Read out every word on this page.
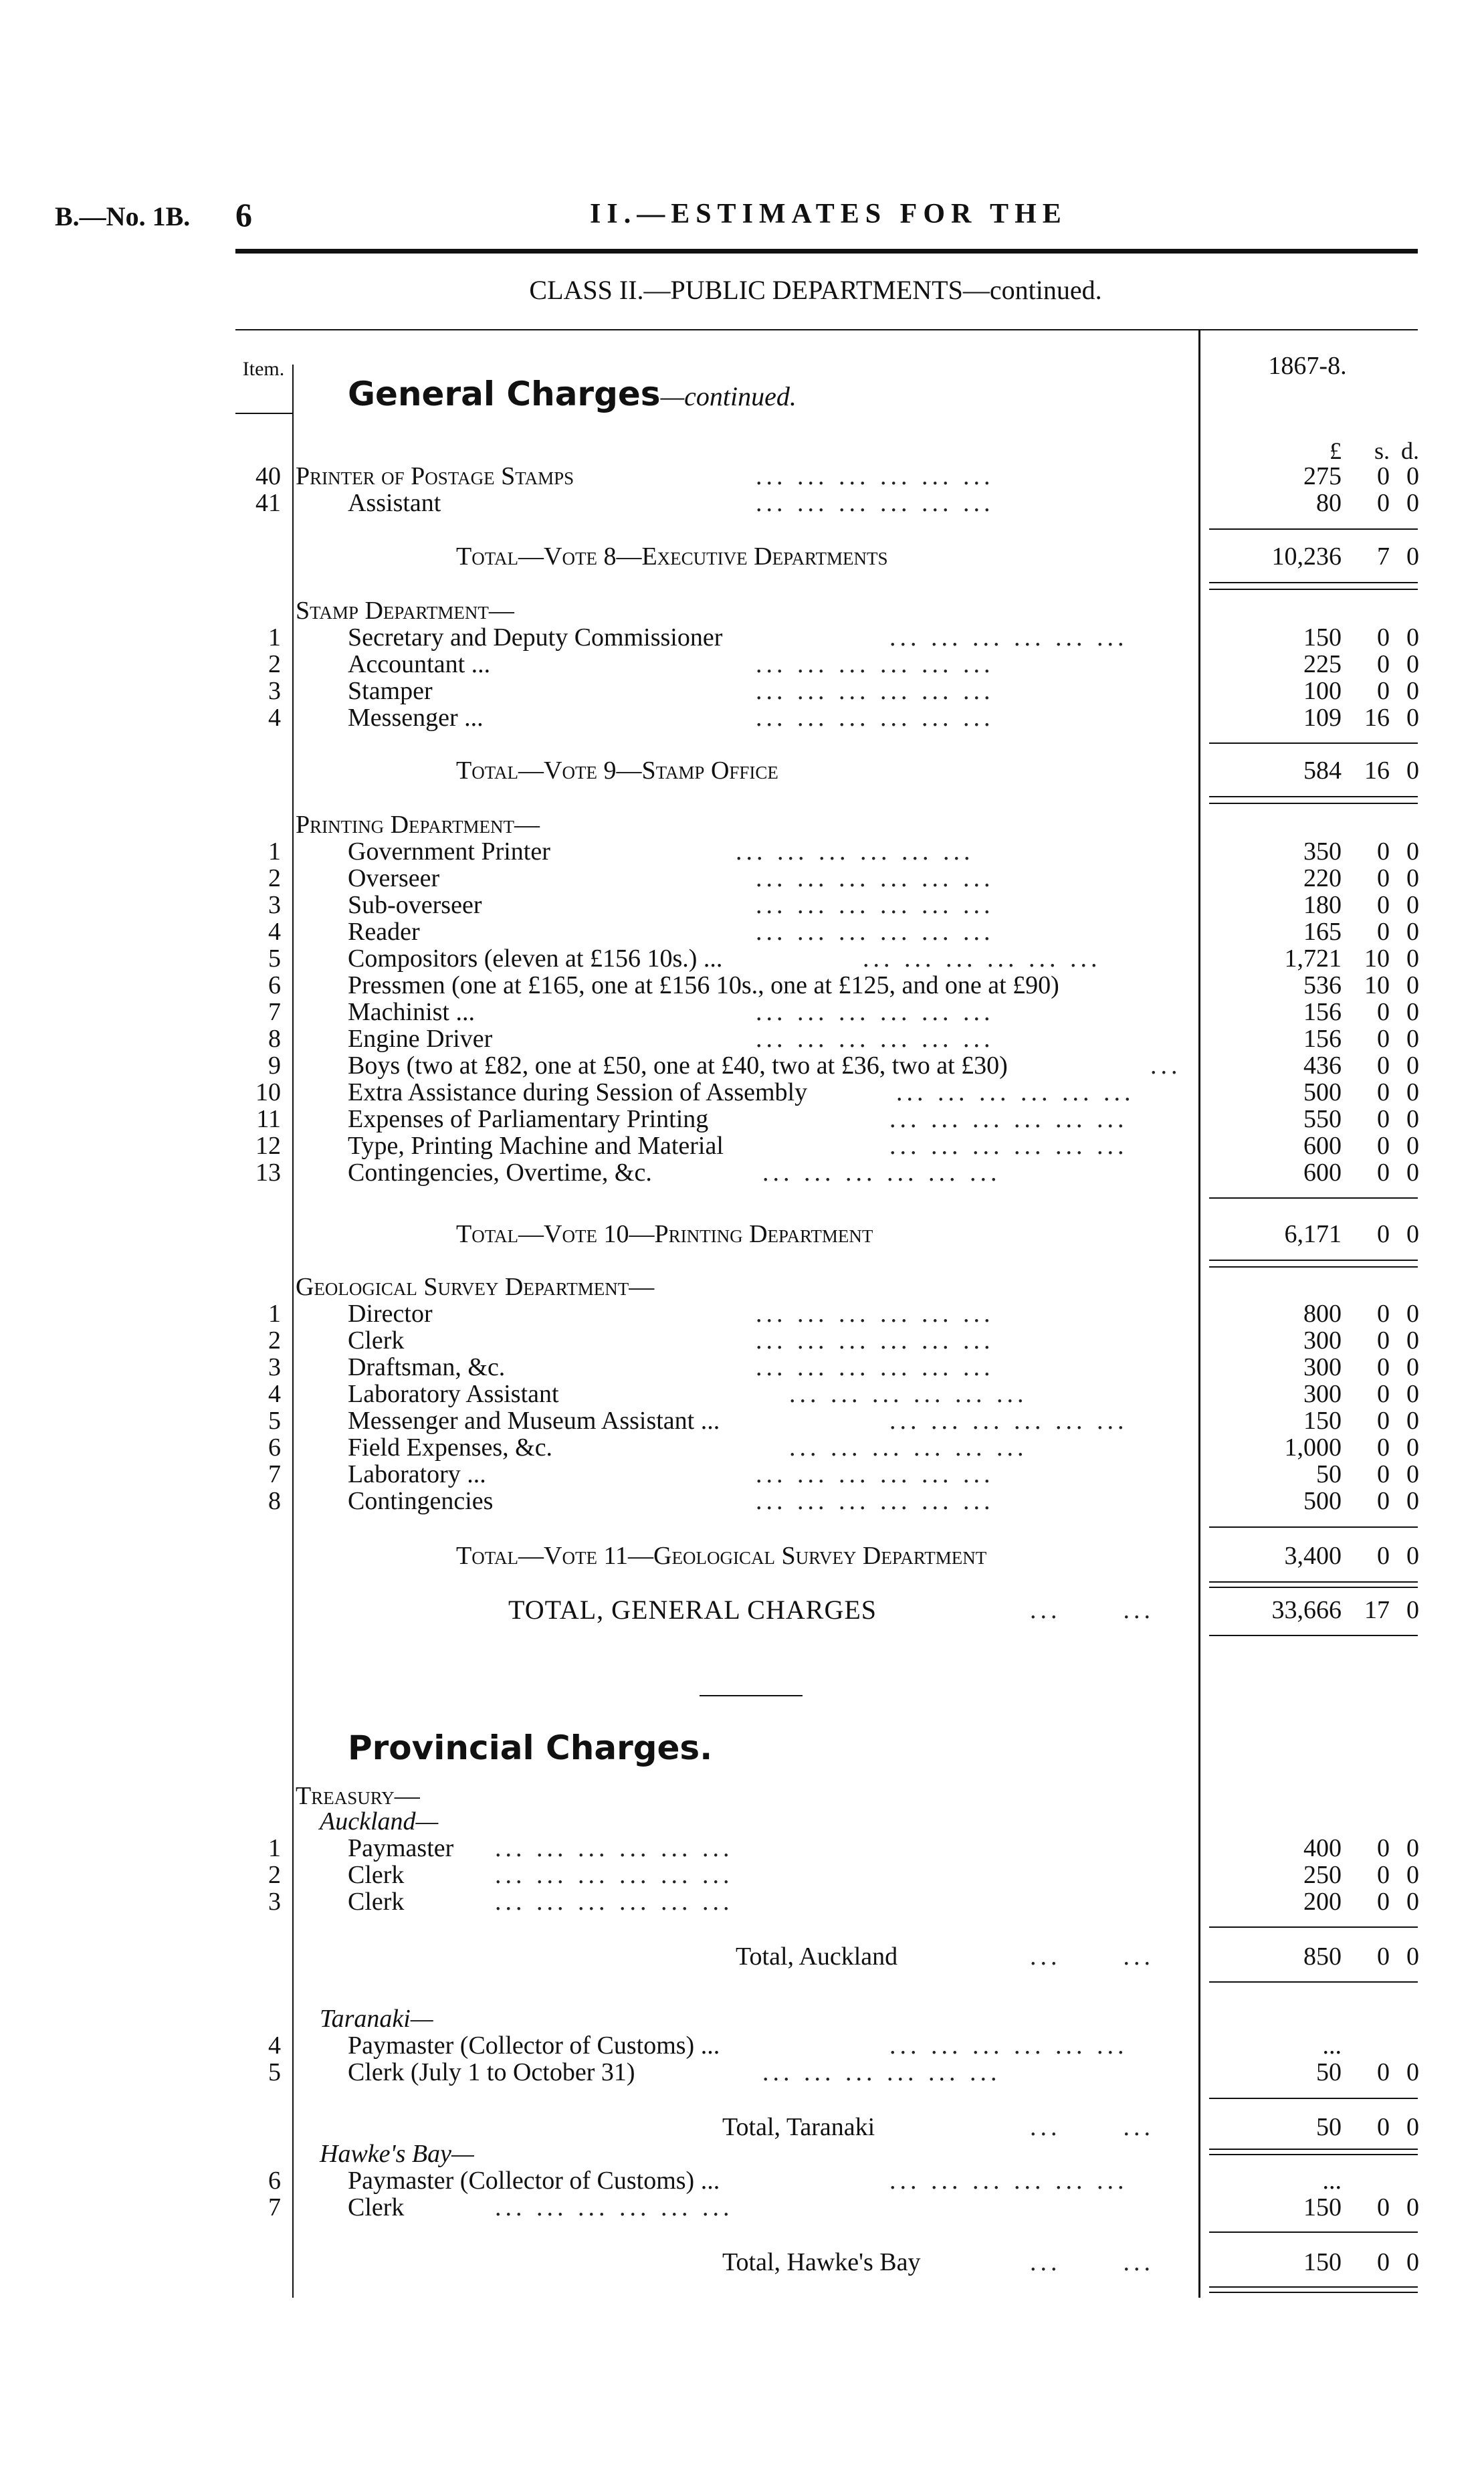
B.—No. 1B. 6	II.—ESTIMATES FOR THE
CLASS II.—PUBLIC DEPARTMENTS—continued.
Item.	1867-8.
General Charges—continued.
£	s. d.
40 Printer of Postage Stamps	... ... ... ... ... ...	275	0 0
41	Assistant	... ... ... ... ... ...	80	0 0
Total—Vote 8—Executive Departments	10,236	7 0
Stamp Department—
1	Secretary and Deputy Commissioner	... ... ... ... ... ...	150	0 0
2	Accountant ...	... ... ... ... ... ...	225	0 0
3	Stamper	... ... ... ... ... ...	100	0 0
4	Messenger ...	... ... ... ... ... ...	109 16 0
Total—Vote 9—Stamp Office	584 16 0
Printing Department—
1	Government Printer	... ... ... ... ... ...	350	0 0
2	Overseer	... ... ... ... ... ...	220	0 0
3	Sub-overseer	... ... ... ... ... ...	180	0 0
4	Reader	... ... ... ... ... ...	165	0 0
5	Compositors (eleven at £156 10s.) ...	... ... ... ... ... ...	1,721 10 0
6	Pressmen (one at £165, one at £156 10s., one at £125, and one at £90)	536 10 0
7	Machinist ...	... ... ... ... ... ...	156	0 0
8	Engine Driver	... ... ... ... ... ...	156	0 0
9	Boys (two at £82, one at £50, one at £40, two at £36, two at £30)	...	436	0 0
10	Extra Assistance during Session of Assembly	... ... ... ... ... ...	500	0 0
11	Expenses of Parliamentary Printing	... ... ... ... ... ...	550	0 0
12	Type, Printing Machine and Material	... ... ... ... ... ...	600	0 0
13	Contingencies, Overtime, &c.	... ... ... ... ... ...	600	0 0
Total—Vote 10—Printing Department	6,171	0 0
Geological Survey Department—
1	Director	... ... ... ... ... ...	800	0 0
2	Clerk	... ... ... ... ... ...	300	0 0
3	Draftsman, &c.	... ... ... ... ... ...	300	0 0
4	Laboratory Assistant	... ... ... ... ... ...	300	0 0
5	Messenger and Museum Assistant ...	... ... ... ... ... ...	150	0 0
6	Field Expenses, &c.	... ... ... ... ... ...	1,000	0 0
7	Laboratory ...	... ... ... ... ... ...	50	0 0
8	Contingencies	... ... ... ... ... ...	500	0 0
Total—Vote 11—Geological Survey Department	3,400	0 0
TOTAL, GENERAL CHARGES	...      ...	33,666 17 0
Provincial Charges.
Treasury—
Auckland—
1	Paymaster ... ... ... ... ... ...	400	0 0
2	Clerk	... ... ... ... ... ...	250	0 0
3	Clerk	... ... ... ... ... ...	200	0 0
Total, Auckland	...      ...	850	0 0
Taranaki—
4	Paymaster (Collector of Customs) ...	... ... ... ... ... ...	...
5	Clerk (July 1 to October 31)	... ... ... ... ... ...	50	0 0
Total, Taranaki	...      ...	50	0 0
Hawke's Bay—
6	Paymaster (Collector of Customs) ...	... ... ... ... ... ...	...
7	Clerk	... ... ... ... ... ...	150	0 0
Total, Hawke's Bay	...      ...	150	0 0
